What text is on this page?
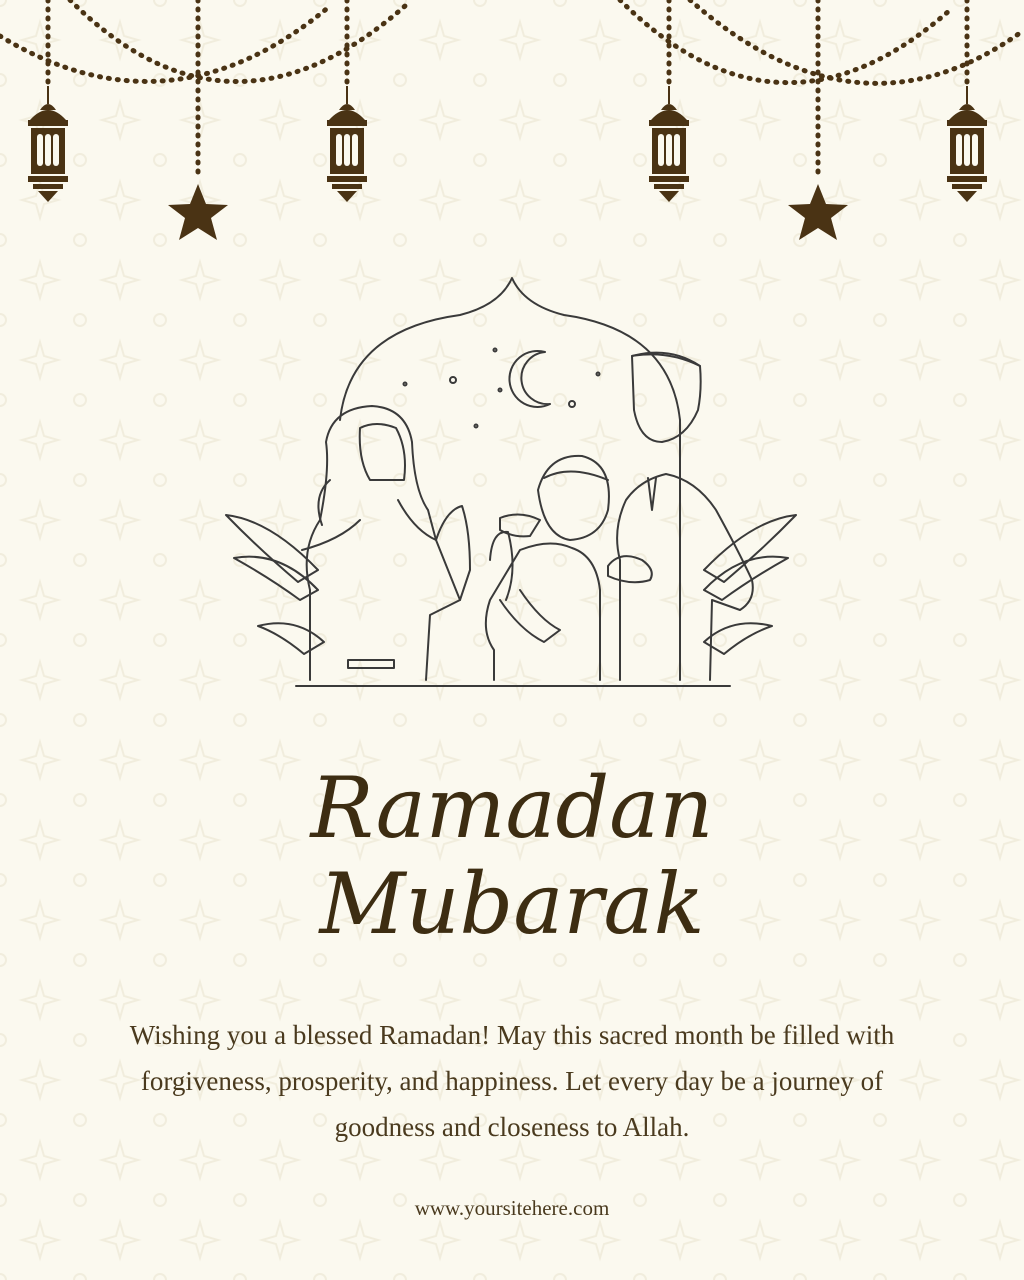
Ramadan
Mubarak

Wishing you a blessed Ramadan! May this sacred month be filled with forgiveness, prosperity, and happiness. Let every day be a journey of goodness and closeness to Allah.

www.yoursitehere.com
